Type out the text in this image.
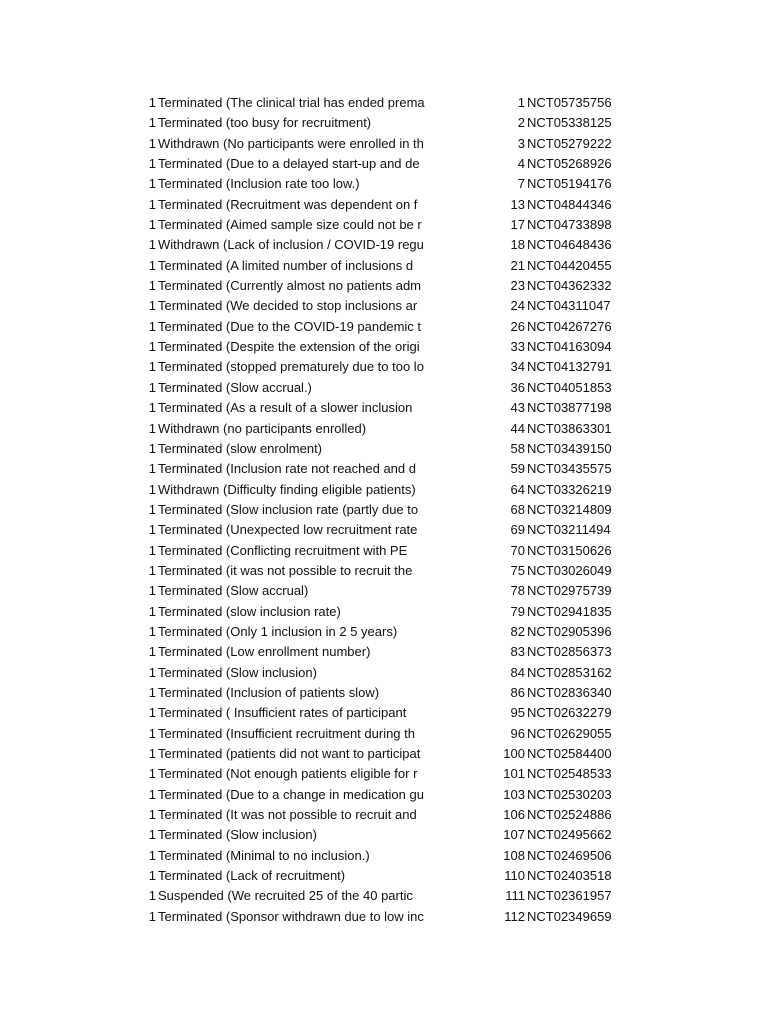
1 Terminated (The clinical trial has ended prema	1 NCT05735756
1 Terminated (too busy for recruitment)	2 NCT05338125
1 Withdrawn (No participants were enrolled in th	3 NCT05279222
1 Terminated (Due to a delayed start-up and de	4 NCT05268926
1 Terminated (Inclusion rate too low.)	7 NCT05194176
1 Terminated (Recruitment was dependent on f	13 NCT04844346
1 Terminated (Aimed sample size could not be r	17 NCT04733898
1 Withdrawn (Lack of inclusion / COVID-19 regu	18 NCT04648436
1 Terminated (A limited number of inclusions d	21 NCT04420455
1 Terminated (Currently almost no patients adm	23 NCT04362332
1 Terminated (We decided to stop inclusions ar	24 NCT04311047
1 Terminated (Due to the COVID-19 pandemic t	26 NCT04267276
1 Terminated (Despite the extension of the origi	33 NCT04163094
1 Terminated (stopped prematurely due to too lo	34 NCT04132791
1 Terminated (Slow accrual.)	36 NCT04051853
1 Terminated (As a result of a slower inclusion	43 NCT03877198
1 Withdrawn (no participants enrolled)	44 NCT03863301
1 Terminated (slow enrolment)	58 NCT03439150
1 Terminated (Inclusion rate not reached and d	59 NCT03435575
1 Withdrawn (Difficulty finding eligible patients)	64 NCT03326219
1 Terminated (Slow inclusion rate (partly due to	68 NCT03214809
1 Terminated (Unexpected low recruitment rate	69 NCT03211494
1 Terminated (Conflicting recruitment with PE	70 NCT03150626
1 Terminated (it was not possible to recruit the	75 NCT03026049
1 Terminated (Slow accrual)	78 NCT02975739
1 Terminated (slow inclusion rate)	79 NCT02941835
1 Terminated (Only 1 inclusion in 2 5 years)	82 NCT02905396
1 Terminated (Low enrollment number)	83 NCT02856373
1 Terminated (Slow inclusion)	84 NCT02853162
1 Terminated (Inclusion of patients slow)	86 NCT02836340
1 Terminated ( Insufficient rates of participant	95 NCT02632279
1 Terminated (Insufficient recruitment during th	96 NCT02629055
1 Terminated (patients did not want to participat	100 NCT02584400
1 Terminated (Not enough patients eligible for r	101 NCT02548533
1 Terminated (Due to a change in medication gu	103 NCT02530203
1 Terminated (It was not possible to recruit and	106 NCT02524886
1 Terminated (Slow inclusion)	107 NCT02495662
1 Terminated (Minimal to no inclusion.)	108 NCT02469506
1 Terminated (Lack of recruitment)	110 NCT02403518
1 Suspended (We recruited 25 of the 40 partic	111 NCT02361957
1 Terminated (Sponsor withdrawn due to low inc	112 NCT02349659
